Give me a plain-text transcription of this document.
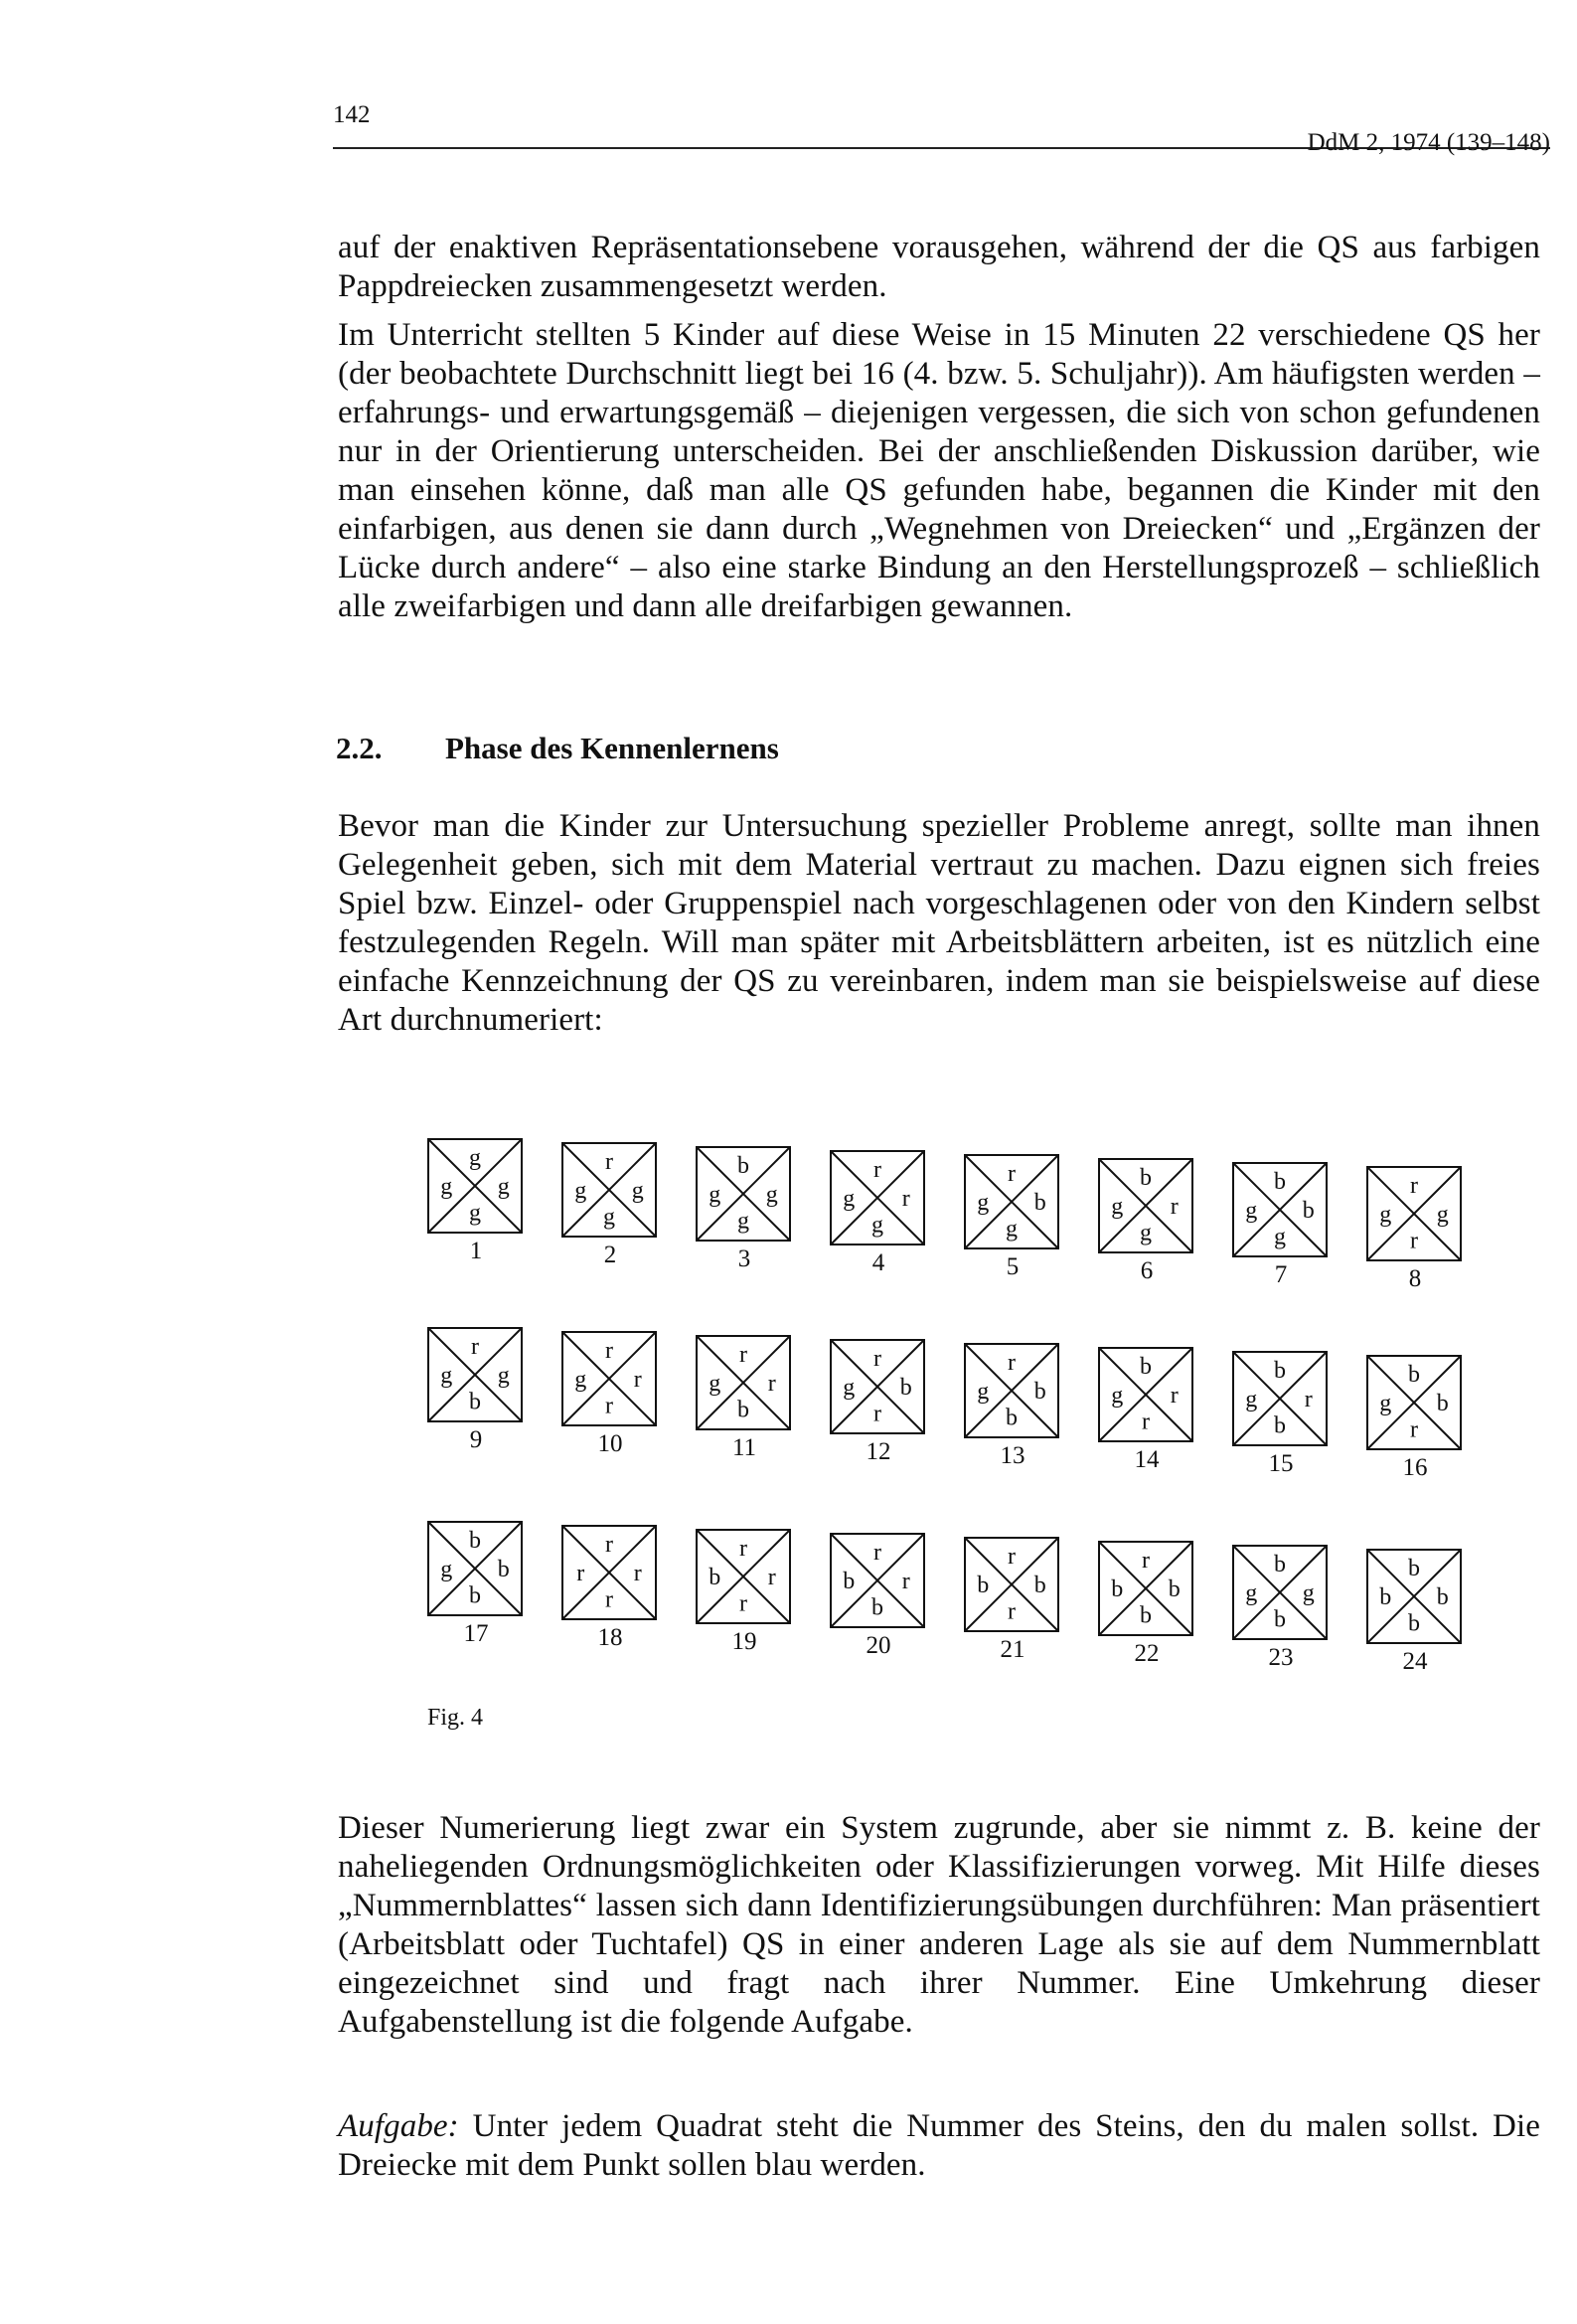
142
DdM 2, 1974 (139–148)

auf der enaktiven Repräsentationsebene vorausgehen, während der die QS aus farbigen Pappdreiecken zusammengesetzt werden.

Im Unterricht stellten 5 Kinder auf diese Weise in 15 Minuten 22 verschiedene QS her (der beobachtete Durchschnitt liegt bei 16 (4. bzw. 5. Schuljahr)). Am häufigsten werden – erfahrungs- und erwartungsgemäß – diejenigen vergessen, die sich von schon gefundenen nur in der Orientierung unterscheiden. Bei der anschließenden Diskussion darüber, wie man einsehen könne, daß man alle QS gefunden habe, begannen die Kinder mit den einfarbigen, aus denen sie dann durch „Wegnehmen von Dreiecken“ und „Ergänzen der Lücke durch andere“ – also eine starke Bindung an den Herstellungsprozeß – schließlich alle zweifarbigen und dann alle dreifarbigen gewannen.

2.2. Phase des Kennenlernens

Bevor man die Kinder zur Untersuchung spezieller Probleme anregt, sollte man ihnen Gelegenheit geben, sich mit dem Material vertraut zu machen. Dazu eignen sich freies Spiel bzw. Einzel- oder Gruppenspiel nach vorgeschlagenen oder von den Kindern selbst festzulegenden Regeln. Will man später mit Arbeitsblättern arbeiten, ist es nützlich eine einfache Kennzeichnung der QS zu vereinbaren, indem man sie beispielsweise auf diese Art durchnumeriert:

g
g g
g
1
r
g g
g
2
b
g g
g
3
r
g r
g
4
r
g b
g
5
b
g r
g
6
b
g b
g
7
r
g g
r
8
r
g g
b
9
r
g r
r
10
r
g r
b
11
r
g b
r
12
r
g b
b
13
b
g r
r
14
b
g r
b
15
b
g b
r
16
b
g b
b
17
r
r r
r
18
r
b r
r
19
r
b r
b
20
r
b b
r
21
r
b b
b
22
b
g g
b
23
b
b b
b
24
Fig. 4

Dieser Numerierung liegt zwar ein System zugrunde, aber sie nimmt z. B. keine der naheliegenden Ordnungsmöglichkeiten oder Klassifizierungen vorweg. Mit Hilfe dieses „Nummernblattes“ lassen sich dann Identifizierungsübungen durchführen: Man präsentiert (Arbeitsblatt oder Tuchtafel) QS in einer anderen Lage als sie auf dem Nummernblatt eingezeichnet sind und fragt nach ihrer Nummer. Eine Umkehrung dieser Aufgabenstellung ist die folgende Aufgabe.

Aufgabe: Unter jedem Quadrat steht die Nummer des Steins, den du malen sollst. Die Dreiecke mit dem Punkt sollen blau werden.
